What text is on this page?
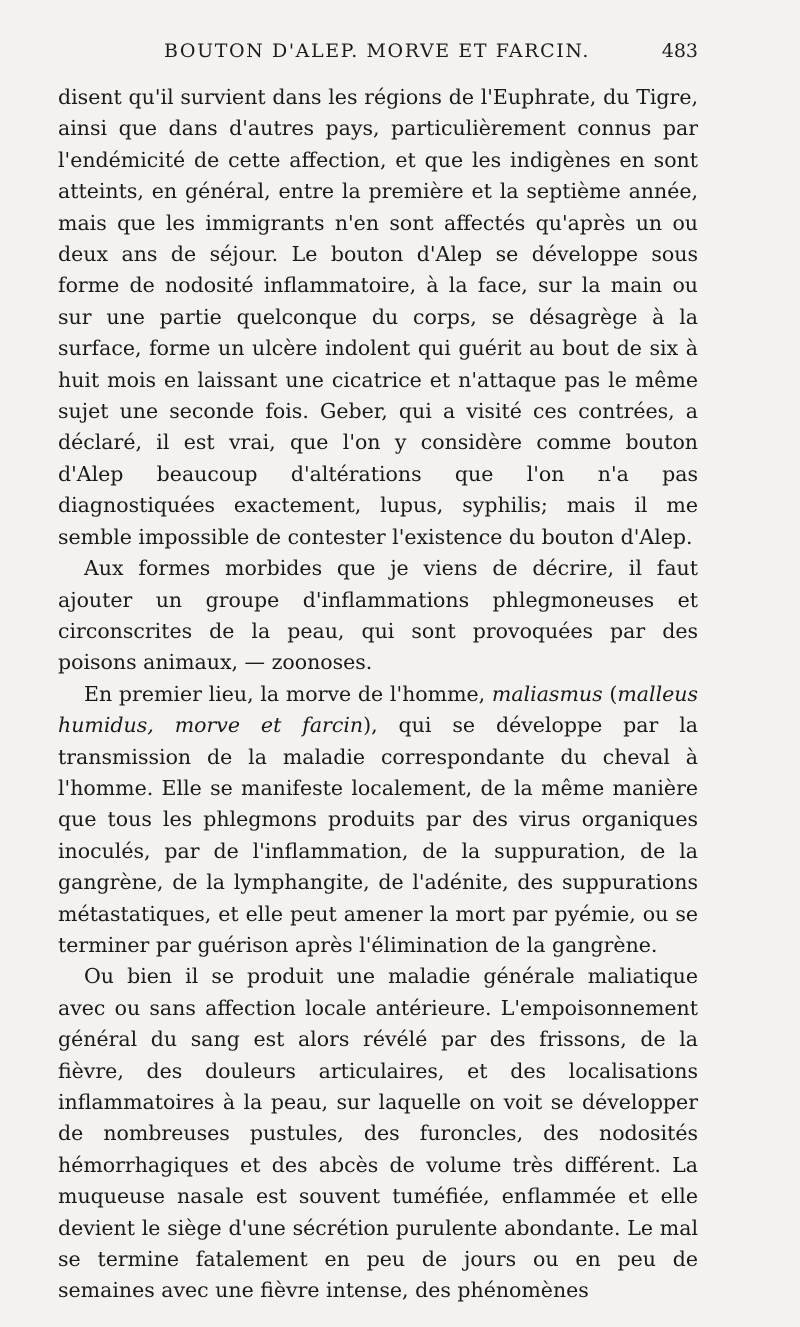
BOUTON D'ALEP. MORVE ET FARCIN.	483

disent qu'il survient dans les régions de l'Euphrate, du Tigre, ainsi que dans d'autres pays, particulièrement connus par l'endémicité de cette affection, et que les indigènes en sont atteints, en général, entre la première et la septième année, mais que les immigrants n'en sont affectés qu'après un ou deux ans de séjour. Le bouton d'Alep se développe sous forme de nodosité inflammatoire, à la face, sur la main ou sur une partie quelconque du corps, se désagrège à la surface, forme un ulcère indolent qui guérit au bout de six à huit mois en laissant une cicatrice et n'attaque pas le même sujet une seconde fois. Geber, qui a visité ces contrées, a déclaré, il est vrai, que l'on y considère comme bouton d'Alep beaucoup d'altérations que l'on n'a pas diagnostiquées exactement, lupus, syphilis; mais il me semble impossible de contester l'existence du bouton d'Alep.

Aux formes morbides que je viens de décrire, il faut ajouter un groupe d'inflammations phlegmoneuses et circonscrites de la peau, qui sont provoquées par des poisons animaux, — zoonoses.

En premier lieu, la morve de l'homme, maliasmus (malleus humidus, morve et farcin), qui se développe par la transmission de la maladie correspondante du cheval à l'homme. Elle se manifeste localement, de la même manière que tous les phlegmons produits par des virus organiques inoculés, par de l'inflammation, de la suppuration, de la gangrène, de la lymphangite, de l'adénite, des suppurations métastatiques, et elle peut amener la mort par pyémie, ou se terminer par guérison après l'élimination de la gangrène.

Ou bien il se produit une maladie générale maliatique avec ou sans affection locale antérieure. L'empoisonnement général du sang est alors révélé par des frissons, de la fièvre, des douleurs articulaires, et des localisations inflammatoires à la peau, sur laquelle on voit se développer de nombreuses pustules, des furoncles, des nodosités hémorrhagiques et des abcès de volume très différent. La muqueuse nasale est souvent tuméfiée, enflammée et elle devient le siège d'une sécrétion purulente abondante. Le mal se termine fatalement en peu de jours ou en peu de semaines avec une fièvre intense, des phénomènes
